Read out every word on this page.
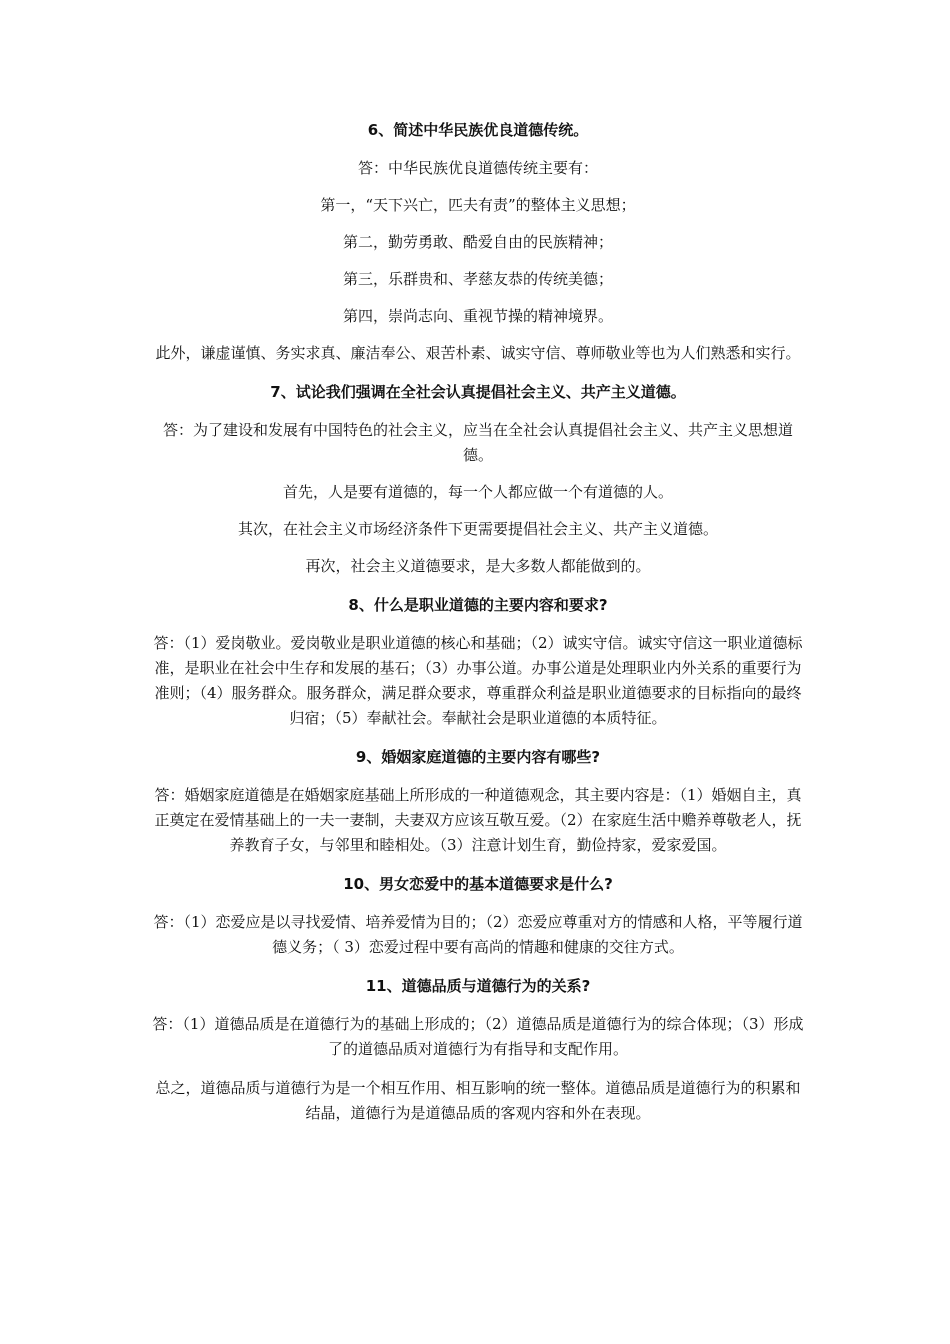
6、简述中华民族优良道德传统。

答：中华民族优良道德传统主要有：

第一，“天下兴亡，匹夫有责”的整体主义思想；

第二，勤劳勇敢、酷爱自由的民族精神；

第三，乐群贵和、孝慈友恭的传统美德；

第四，崇尚志向、重视节操的精神境界。

此外，谦虚谨慎、务实求真、廉洁奉公、艰苦朴素、诚实守信、尊师敬业等也为人们熟悉和实行。

7、试论我们强调在全社会认真提倡社会主义、共产主义道德。

答：为了建设和发展有中国特色的社会主义，应当在全社会认真提倡社会主义、共产主义思想道德。

首先，人是要有道德的，每一个人都应做一个有道德的人。

其次，在社会主义市场经济条件下更需要提倡社会主义、共产主义道德。

再次，社会主义道德要求，是大多数人都能做到的。

8、什么是职业道德的主要内容和要求?

答：（1）爱岗敬业。爱岗敬业是职业道德的核心和基础；（2）诚实守信。诚实守信这一职业道德标准，是职业在社会中生存和发展的基石；（3）办事公道。办事公道是处理职业内外关系的重要行为准则；（4）服务群众。服务群众，满足群众要求，尊重群众利益是职业道德要求的目标指向的最终归宿；（5）奉献社会。奉献社会是职业道德的本质特征。

9、婚姻家庭道德的主要内容有哪些?

答：婚姻家庭道德是在婚姻家庭基础上所形成的一种道德观念，其主要内容是：（1）婚姻自主，真正奠定在爱情基础上的一夫一妻制，夫妻双方应该互敬互爱。（2）在家庭生活中赡养尊敬老人，抚养教育子女，与邻里和睦相处。（3）注意计划生育，勤俭持家，爱家爱国。

10、男女恋爱中的基本道德要求是什么?

答：（1）恋爱应是以寻找爱情、培养爱情为目的；（2）恋爱应尊重对方的情感和人格，平等履行道德义务；（ 3）恋爱过程中要有高尚的情趣和健康的交往方式。

11、道德品质与道德行为的关系?

答：（1）道德品质是在道德行为的基础上形成的；（2）道德品质是道德行为的综合体现；（3）形成了的道德品质对道德行为有指导和支配作用。

总之，道德品质与道德行为是一个相互作用、相互影响的统一整体。道德品质是道德行为的积累和结晶，道德行为是道德品质的客观内容和外在表现。
